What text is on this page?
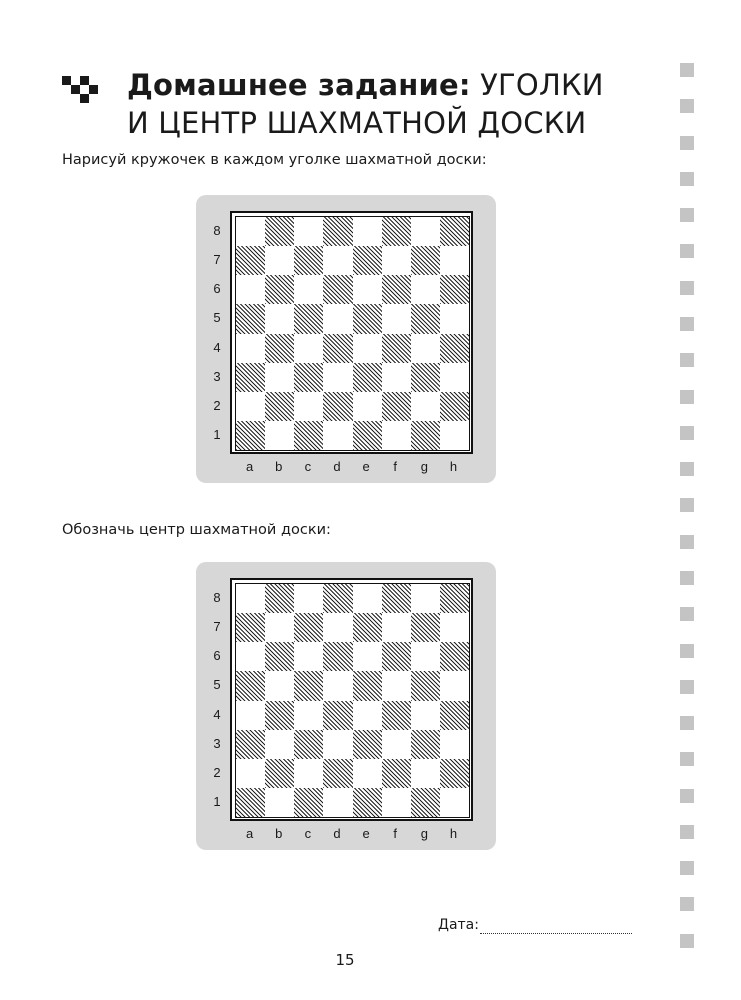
Домашнее задание: УГОЛКИ
И ЦЕНТР ШАХМАТНОЙ ДОСКИ

Нарисуй кружочек в каждом уголке шахматной доски:

8
7
6
5
4
3
2
1
a	b	c	d	e	f	g	h

Обозначь центр шахматной доски:

8
7
6
5
4
3
2
1
a	b	c	d	e	f	g	h

Дата:

15
